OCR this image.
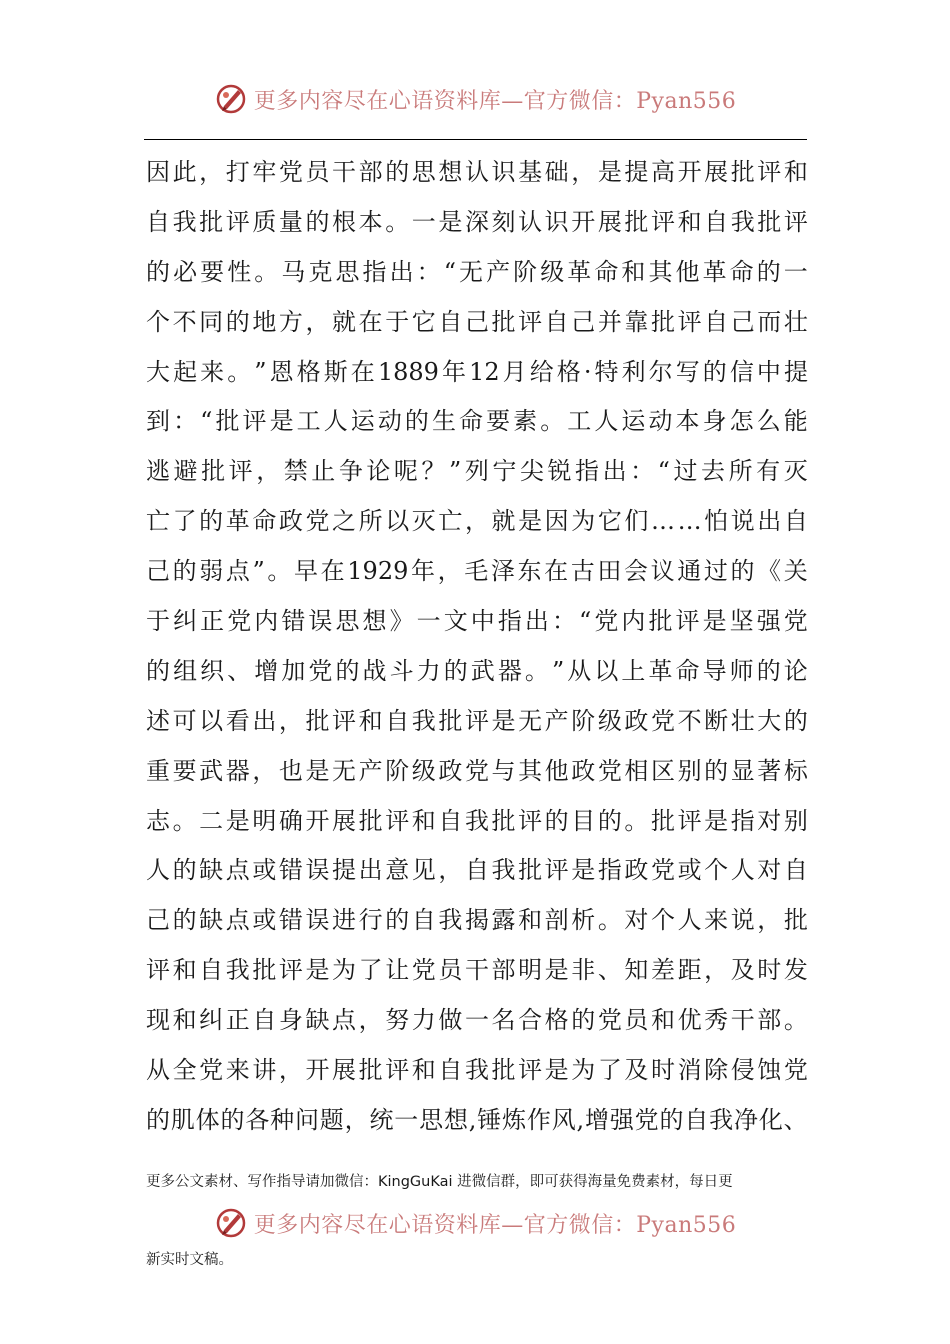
更多内容尽在心语资料库—官方微信：Pyan556
因 此 ， 打 牢 党 员 干 部 的 思 想 认 识 基 础 ， 是 提 高 开 展 批 评 和
自 我 批 评 质 量 的 根 本 。 一 是 深 刻 认 识 开 展 批 评 和 自 我 批 评
的 必 要 性 。 马 克 思 指 出 ： “ 无 产 阶 级 革 命 和 其 他 革 命 的 一
个 不 同 的 地 方 ， 就 在 于 它 自 己 批 评 自 己 并 靠 批 评 自 己 而 壮
大 起 来 。 ” 恩 格 斯 在 1889 年 12 月 给 格 · 特 利 尔 写 的 信 中 提
到 ： “ 批 评 是 工 人 运 动 的 生 命 要 素 。 工 人 运 动 本 身 怎 么 能
逃 避 批 评 ， 禁 止 争 论 呢 ？ ” 列 宁 尖 锐 指 出 ： “ 过 去 所 有 灭
亡 了 的 革 命 政 党 之 所 以 灭 亡 ， 就 是 因 为 它 们 … … 怕 说 出 自
己 的 弱 点 ” 。 早 在 1929 年 ， 毛 泽 东 在 古 田 会 议 通 过 的 《 关
于 纠 正 党 内 错 误 思 想 》 一 文 中 指 出 ： “ 党 内 批 评 是 坚 强 党
的 组 织 、 增 加 党 的 战 斗 力 的 武 器 。 ” 从 以 上 革 命 导 师 的 论
述 可 以 看 出 ， 批 评 和 自 我 批 评 是 无 产 阶 级 政 党 不 断 壮 大 的
重 要 武 器 ， 也 是 无 产 阶 级 政 党 与 其 他 政 党 相 区 别 的 显 著 标
志 。 二 是 明 确 开 展 批 评 和 自 我 批 评 的 目 的 。 批 评 是 指 对 别
人 的 缺 点 或 错 误 提 出 意 见 ， 自 我 批 评 是 指 政 党 或 个 人 对 自
己 的 缺 点 或 错 误 进 行 的 自 我 揭 露 和 剖 析 。 对 个 人 来 说 ， 批
评 和 自 我 批 评 是 为 了 让 党 员 干 部 明 是 非 、 知 差 距 ， 及 时 发
现 和 纠 正 自 身 缺 点 ， 努 力 做 一 名 合 格 的 党 员 和 优 秀 干 部 。
从 全 党 来 讲 ， 开 展 批 评 和 自 我 批 评 是 为 了 及 时 消 除 侵 蚀 党
的 肌 体 的 各 种 问 题 ， 统 一 思 想 , 锤 炼 作 风 , 增 强 党 的 自 我 净 化 、
更多公文素材、写作指导请加微信：KingGuKai 进微信群，即可获得海量免费素材，每日更
更多内容尽在心语资料库—官方微信：Pyan556
新实时文稿。
